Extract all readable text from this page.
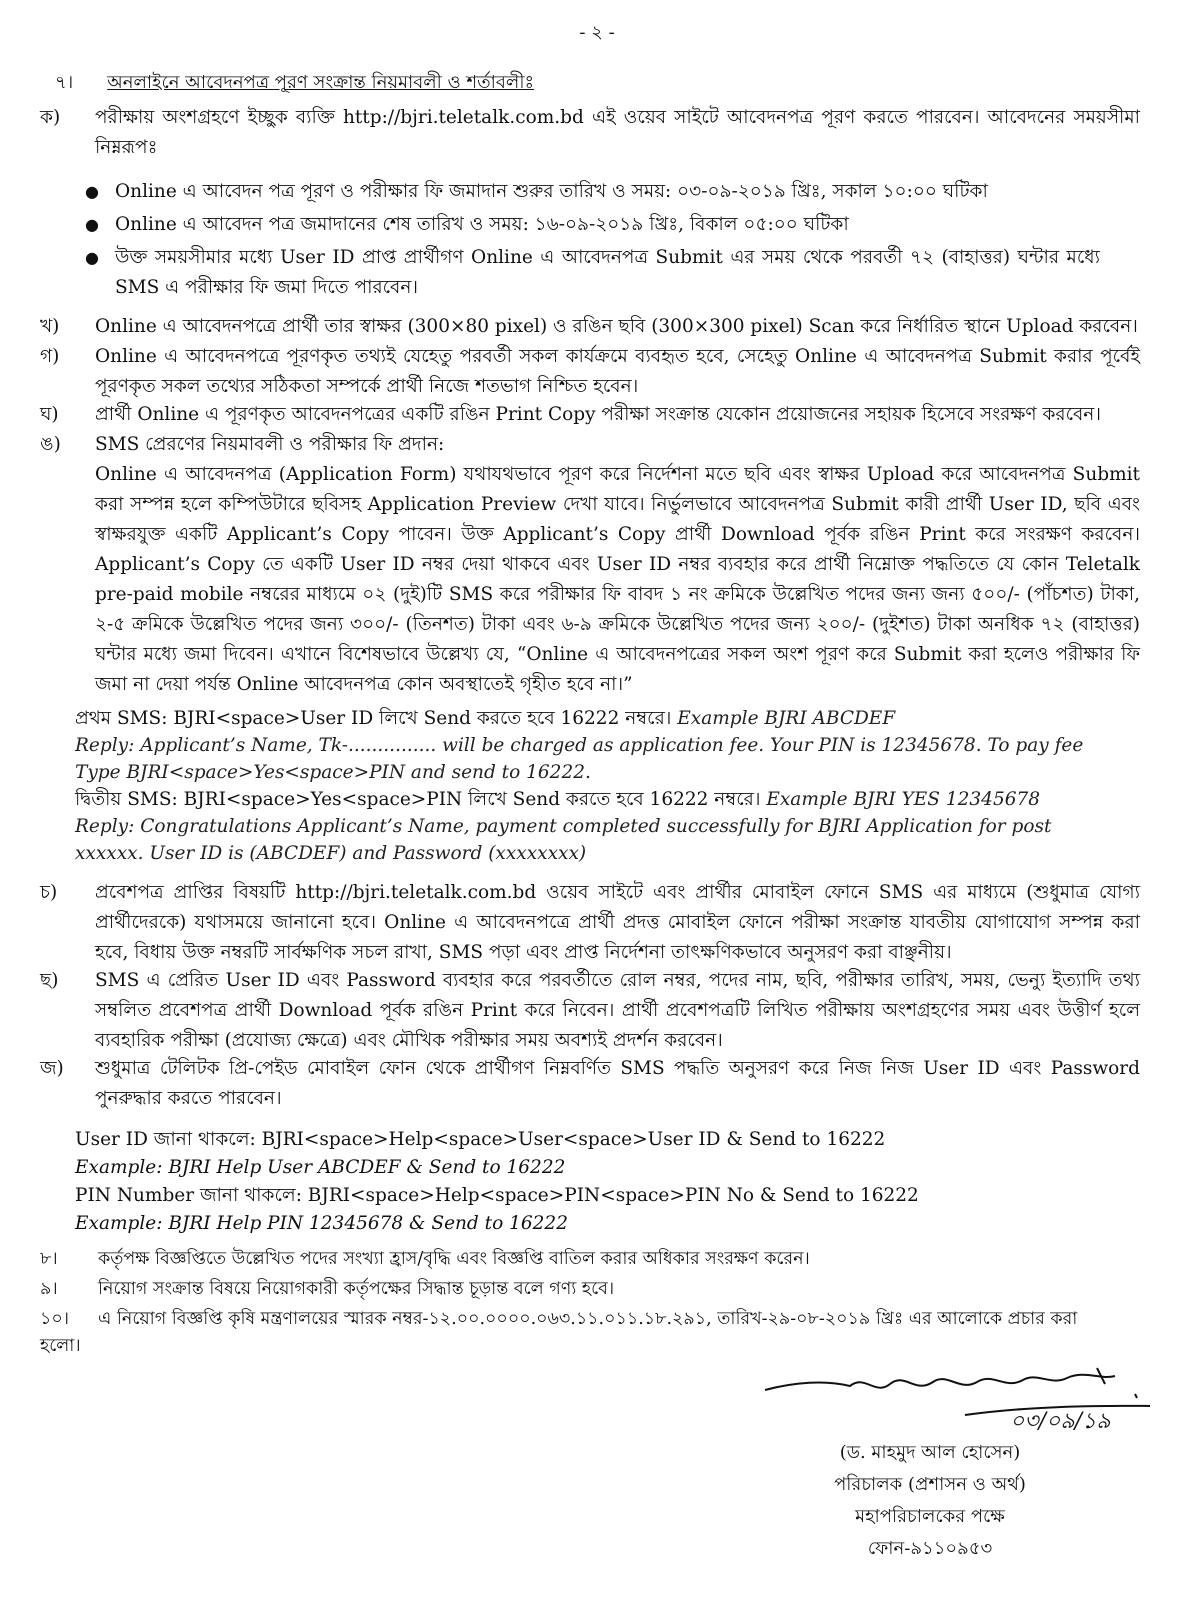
- ২ -
৭। অনলাইনে আবেদনপত্র পূরণ সংক্রান্ত নিয়মাবলী ও শর্তাবলীঃ
ক) পরীক্ষায় অংশগ্রহণে ইচ্ছুক ব্যক্তি http://bjri.teletalk.com.bd এই ওয়েব সাইটে আবেদনপত্র পূরণ করতে পারবেন। আবেদনের সময়সীমা নিম্নরূপঃ
● Online এ আবেদন পত্র পূরণ ও পরীক্ষার ফি জমাদান শুরুর তারিখ ও সময়: ০৩-০৯-২০১৯ খ্রিঃ, সকাল ১০:০০ ঘটিকা
● Online এ আবেদন পত্র জমাদানের শেষ তারিখ ও সময়: ১৬-০৯-২০১৯ খ্রিঃ, বিকাল ০৫:০০ ঘটিকা
● উক্ত সময়সীমার মধ্যে User ID প্রাপ্ত প্রার্থীগণ Online এ আবেদনপত্র Submit এর সময় থেকে পরবর্তী ৭২ (বাহাত্তর) ঘন্টার মধ্যে SMS এ পরীক্ষার ফি জমা দিতে পারবেন।
খ) Online এ আবেদনপত্রে প্রার্থী তার স্বাক্ষর (300×80 pixel) ও রঙিন ছবি (300×300 pixel) Scan করে নির্ধারিত স্থানে Upload করবেন।
গ) Online এ আবেদনপত্রে পূরণকৃত তথ্যই যেহেতু পরবর্তী সকল কার্যক্রমে ব্যবহৃত হবে, সেহেতু Online এ আবেদনপত্র Submit করার পূর্বেই পূরণকৃত সকল তথ্যের সঠিকতা সম্পর্কে প্রার্থী নিজে শতভাগ নিশ্চিত হবেন।
ঘ) প্রার্থী Online এ পূরণকৃত আবেদনপত্রের একটি রঙিন Print Copy পরীক্ষা সংক্রান্ত যেকোন প্রয়োজনের সহায়ক হিসেবে সংরক্ষণ করবেন।
ঙ) SMS প্রেরণের নিয়মাবলী ও পরীক্ষার ফি প্রদান:
Online এ আবেদনপত্র (Application Form) যথাযথভাবে পূরণ করে নির্দেশনা মতে ছবি এবং স্বাক্ষর Upload করে আবেদনপত্র Submit করা সম্পন্ন হলে কম্পিউটারে ছবিসহ Application Preview দেখা যাবে। নির্ভুলভাবে আবেদনপত্র Submit কারী প্রার্থী User ID, ছবি এবং স্বাক্ষরযুক্ত একটি Applicant’s Copy পাবেন। উক্ত Applicant’s Copy প্রার্থী Download পূর্বক রঙিন Print করে সংরক্ষণ করবেন। Applicant’s Copy তে একটি User ID নম্বর দেয়া থাকবে এবং User ID নম্বর ব্যবহার করে প্রার্থী নিম্নোক্ত পদ্ধতিতে যে কোন Teletalk pre-paid mobile নম্বরের মাধ্যমে ০২ (দুই)টি SMS করে পরীক্ষার ফি বাবদ ১ নং ক্রমিকে উল্লেখিত পদের জন্য জন্য ৫০০/- (পাঁচশত) টাকা, ২-৫ ক্রমিকে উল্লেখিত পদের জন্য ৩০০/- (তিনশত) টাকা এবং ৬-৯ ক্রমিকে উল্লেখিত পদের জন্য ২০০/- (দুইশত) টাকা অনধিক ৭২ (বাহাত্তর) ঘন্টার মধ্যে জমা দিবেন। এখানে বিশেষভাবে উল্লেখ্য যে, “Online এ আবেদনপত্রের সকল অংশ পূরণ করে Submit করা হলেও পরীক্ষার ফি জমা না দেয়া পর্যন্ত Online আবেদনপত্র কোন অবস্থাতেই গৃহীত হবে না।”
প্রথম SMS: BJRI<space>User ID লিখে Send করতে হবে 16222 নম্বরে। Example BJRI ABCDEF
Reply: Applicant’s Name, Tk-............... will be charged as application fee. Your PIN is 12345678. To pay fee Type BJRI<space>Yes<space>PIN and send to 16222.
দ্বিতীয় SMS: BJRI<space>Yes<space>PIN লিখে Send করতে হবে 16222 নম্বরে। Example BJRI YES 12345678
Reply: Congratulations Applicant’s Name, payment completed successfully for BJRI Application for post xxxxxx. User ID is (ABCDEF) and Password (xxxxxxxx)
চ) প্রবেশপত্র প্রাপ্তির বিষয়টি http://bjri.teletalk.com.bd ওয়েব সাইটে এবং প্রার্থীর মোবাইল ফোনে SMS এর মাধ্যমে (শুধুমাত্র যোগ্য প্রার্থীদেরকে) যথাসময়ে জানানো হবে। Online এ আবেদনপত্রে প্রার্থী প্রদত্ত মোবাইল ফোনে পরীক্ষা সংক্রান্ত যাবতীয় যোগাযোগ সম্পন্ন করা হবে, বিধায় উক্ত নম্বরটি সার্বক্ষণিক সচল রাখা, SMS পড়া এবং প্রাপ্ত নির্দেশনা তাৎক্ষণিকভাবে অনুসরণ করা বাঞ্ছনীয়।
ছ) SMS এ প্রেরিত User ID এবং Password ব্যবহার করে পরবর্তীতে রোল নম্বর, পদের নাম, ছবি, পরীক্ষার তারিখ, সময়, ভেন্যু ইত্যাদি তথ্য সম্বলিত প্রবেশপত্র প্রার্থী Download পূর্বক রঙিন Print করে নিবেন। প্রার্থী প্রবেশপত্রটি লিখিত পরীক্ষায় অংশগ্রহণের সময় এবং উত্তীর্ণ হলে ব্যবহারিক পরীক্ষা (প্রযোজ্য ক্ষেত্রে) এবং মৌখিক পরীক্ষার সময় অবশ্যই প্রদর্শন করবেন।
জ) শুধুমাত্র টেলিটক প্রি-পেইড মোবাইল ফোন থেকে প্রার্থীগণ নিম্নবর্ণিত SMS পদ্ধতি অনুসরণ করে নিজ নিজ User ID এবং Password পুনরুদ্ধার করতে পারবেন।
User ID জানা থাকলে: BJRI<space>Help<space>User<space>User ID & Send to 16222
Example: BJRI Help User ABCDEF & Send to 16222
PIN Number জানা থাকলে: BJRI<space>Help<space>PIN<space>PIN No & Send to 16222
Example: BJRI Help PIN 12345678 & Send to 16222
৮। কর্তৃপক্ষ বিজ্ঞপ্তিতে উল্লেখিত পদের সংখ্যা হ্রাস/বৃদ্ধি এবং বিজ্ঞপ্তি বাতিল করার অধিকার সংরক্ষণ করেন।
৯। নিয়োগ সংক্রান্ত বিষয়ে নিয়োগকারী কর্তৃপক্ষের সিদ্ধান্ত চূড়ান্ত বলে গণ্য হবে।
১০। এ নিয়োগ বিজ্ঞপ্তি কৃষি মন্ত্রণালয়ের স্মারক নম্বর-১২.০০.০০০০.০৬৩.১১.০১১.১৮.২৯১, তারিখ-২৯-০৮-২০১৯ খ্রিঃ এর আলোকে প্রচার করা হলো।
০৩/০৯/১৯
(ড. মাহমুদ আল হোসেন)
পরিচালক (প্রশাসন ও অর্থ)
মহাপরিচালকের পক্ষে
ফোন-৯১১০৯৫৩
